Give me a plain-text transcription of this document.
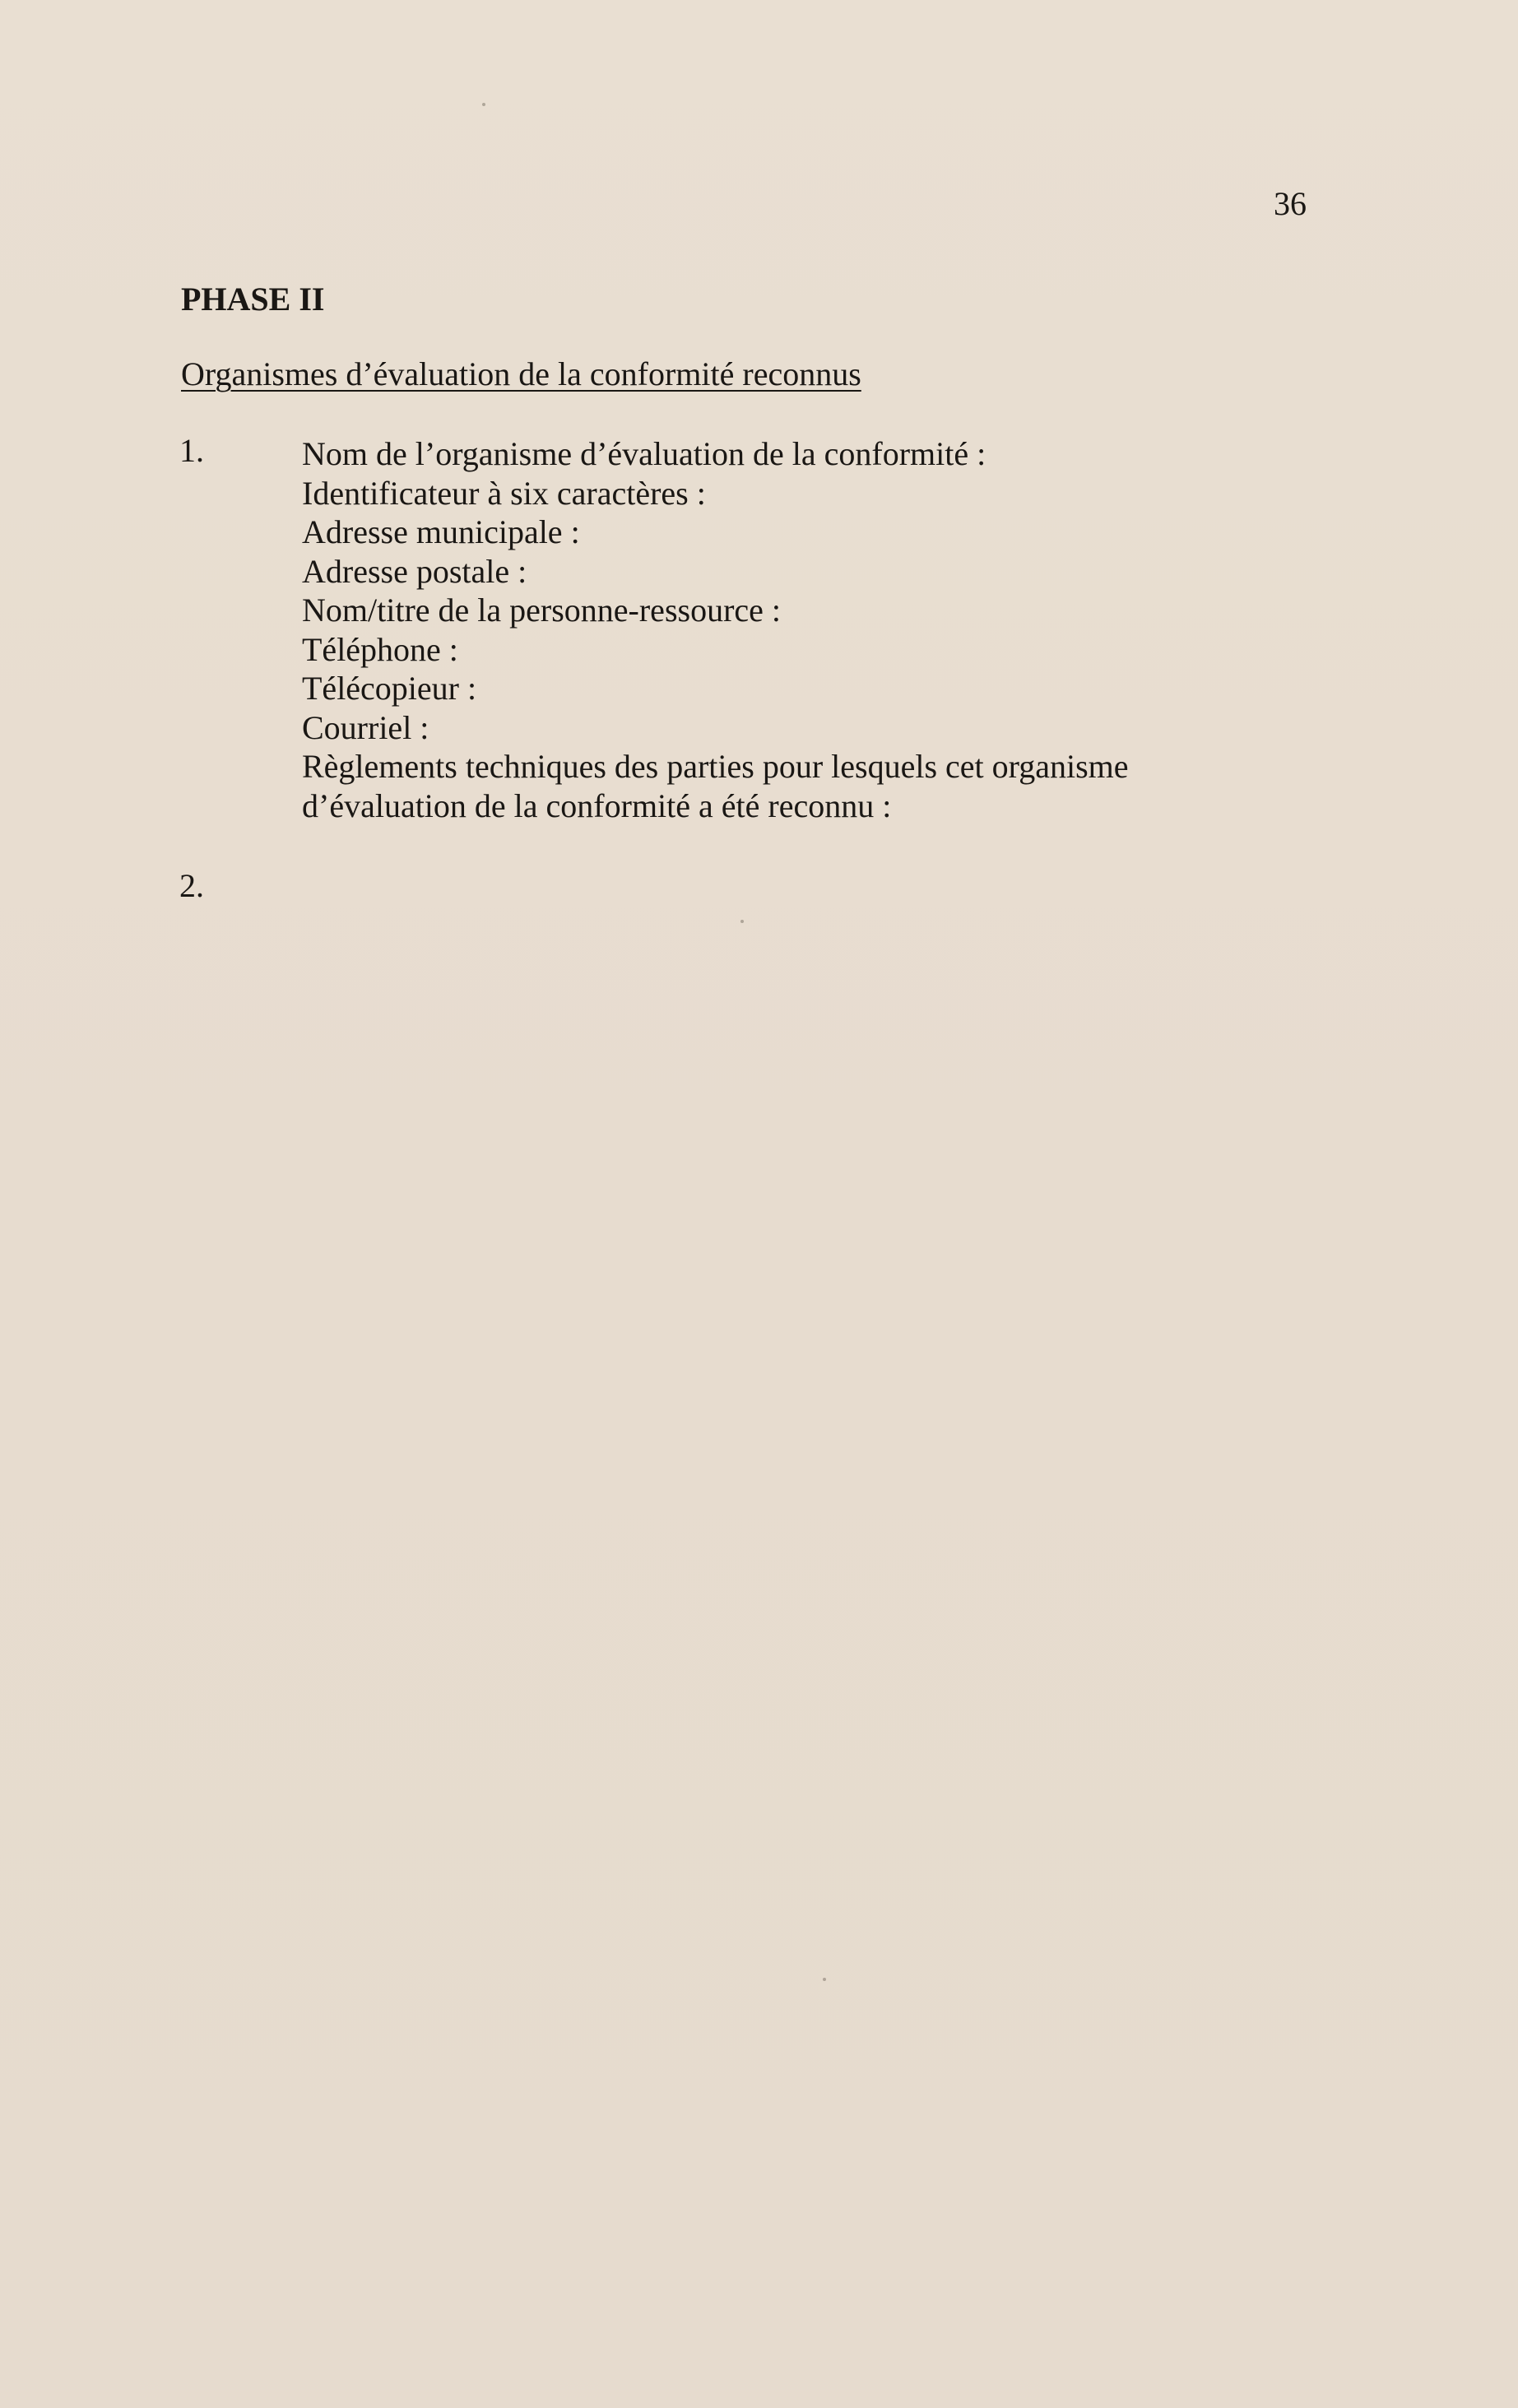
36
PHASE II
Organismes d’évaluation de la conformité reconnus
1.	Nom de l’organisme d’évaluation de la conformité :
Identificateur à six caractères :
Adresse municipale :
Adresse postale :
Nom/titre de la personne-ressource :
Téléphone :
Télécopieur :
Courriel :
Règlements techniques des parties pour lesquels cet organisme
d’évaluation de la conformité a été reconnu :
2.
